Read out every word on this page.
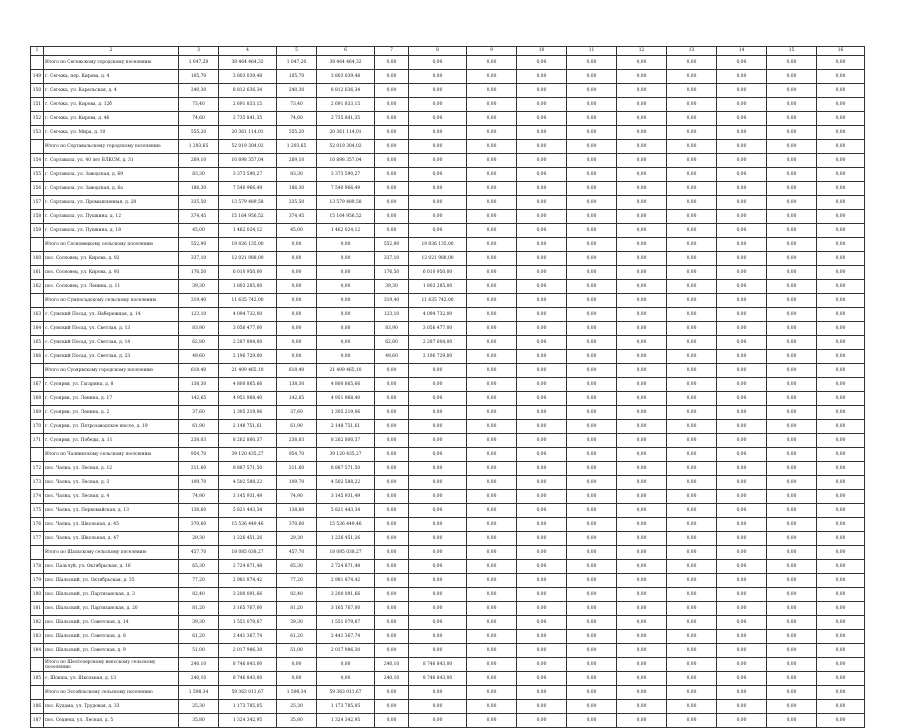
1	2	3	4	5	6	7	8	9	10	11	12	13	14	15	16
	Итого по Сегежскому городскому поселению	1 047,20	38 464 464,32	1 047,20	38 464 464,32	0,00	0,00	0,00	0,00	0,00	0,00	0,00	0,00	0,00	0,00
149	г. Сегежа, пер. Кирова, д. 4	105,70	3 803 039,48	105,70	3 803 039,48	0,00	0,00	0,00	0,00	0,00	0,00	0,00	0,00	0,00	0,00
150	г. Сегежа, ул. Карельская, д. 4	240,30	8 812 636,34	240,30	8 812 636,34	0,00	0,00	0,00	0,00	0,00	0,00	0,00	0,00	0,00	0,00
151	г. Сегежа, ул. Кирова, д. 12б	73,40	2 691 833,15	73,40	2 691 833,15	0,00	0,00	0,00	0,00	0,00	0,00	0,00	0,00	0,00	0,00
152	г. Сегежа, ул. Кирова, д. 46	74,60	2 735 841,35	74,60	2 735 841,35	0,00	0,00	0,00	0,00	0,00	0,00	0,00	0,00	0,00	0,00
153	г. Сегежа, ул. Мира, д. 10	555,20	20 361 114,01	555,20	20 361 114,01	0,00	0,00	0,00	0,00	0,00	0,00	0,00	0,00	0,00	0,00
	Итого по Сортавальскому городскому поселению	1 293,65	52 019 304,02	1 293,65	52 019 304,02	0,00	0,00	0,00	0,00	0,00	0,00	0,00	0,00	0,00	0,00
154	г. Сортавала, ул. 40 лет ВЛКСМ, д. 31	269,10	10 898 357,04	269,10	10 898 357,04	0,00	0,00	0,00	0,00	0,00	0,00	0,00	0,00	0,00	0,00
155	г. Сортавала, ул. Заводская, д. 69	83,30	3 373 590,27	83,30	3 373 590,27	0,00	0,00	0,00	0,00	0,00	0,00	0,00	0,00	0,00	0,00
156	г. Сортавала, ул. Заводская, д. 6а	186,30	7 540 966,49	186,30	7 540 966,49	0,00	0,00	0,00	0,00	0,00	0,00	0,00	0,00	0,00	0,00
157	г. Сортавала, ул. Промышленная, д. 28	335,50	13 579 489,58	335,50	13 579 489,58	0,00	0,00	0,00	0,00	0,00	0,00	0,00	0,00	0,00	0,00
158	г. Сортавала, ул. Пушкина, д. 12	374,45	15 164 956,52	374,45	15 164 956,52	0,00	0,00	0,00	0,00	0,00	0,00	0,00	0,00	0,00	0,00
159	г. Сортавала, ул. Пушкина, д. 18	45,00	1 462 024,12	45,00	1 462 024,12	0,00	0,00	0,00	0,00	0,00	0,00	0,00	0,00	0,00	0,00
	Итого по Сосновецкому сельскому поселению	552,90	19 836 135,00	0,00	0,00	552,90	19 836 135,00	0,00	0,00	0,00	0,00	0,00	0,00	0,00	0,00
160	пос. Сосновец, ул. Кирова, д. 92	337,10	12 021 988,00	0,00	0,00	337,10	12 021 988,00	0,00	0,00	0,00	0,00	0,00	0,00	0,00	0,00
161	пос. Сосновец, ул. Кирова, д. 93	176,50	6 010 950,00	0,00	0,00	176,50	6 010 950,00	0,00	0,00	0,00	0,00	0,00	0,00	0,00	0,00
162	пос. Сосновец, ул. Ленина, д. 11	39,30	1 803 285,00	0,00	0,00	39,30	1 803 285,00	0,00	0,00	0,00	0,00	0,00	0,00	0,00	0,00
	Итого по Сумпосадскому сельскому поселению	319,40	11 635 742,00	0,00	0,00	319,40	11 635 742,00	0,00	0,00	0,00	0,00	0,00	0,00	0,00	0,00
163	с. Сумский Посад, ул. Набережная, д. 14	123,10	4 094 732,00	0,00	0,00	123,10	4 094 732,00	0,00	0,00	0,00	0,00	0,00	0,00	0,00	0,00
164	с. Сумский Посад, ул. Светлая, д. 13	83,90	3 056 477,00	0,00	0,00	83,90	3 056 477,00	0,00	0,00	0,00	0,00	0,00	0,00	0,00	0,00
165	с. Сумский Посад, ул. Светлая, д. 14	62,80	2 287 804,00	0,00	0,00	62,80	2 287 804,00	0,00	0,00	0,00	0,00	0,00	0,00	0,00	0,00
166	с. Сумский Посад, ул. Светлая, д. 23	49,60	2 196 729,00	0,00	0,00	49,60	2 196 729,00	0,00	0,00	0,00	0,00	0,00	0,00	0,00	0,00
	Итого по Суоярвскому городскому поселению	618,40	21 409 465,10	618,40	21 409 465,10	0,00	0,00	0,00	0,00	0,00	0,00	0,00	0,00	0,00	0,00
167	г. Суоярви, ул. Гагарина, д. 8	138,30	4 800 865,66	138,30	4 800 865,66	0,00	0,00	0,00	0,00	0,00	0,00	0,00	0,00	0,00	0,00
168	г. Суоярви, ул. Ленина, д. 17	142,65	4 951 968,40	142,65	4 951 968,40	0,00	0,00	0,00	0,00	0,00	0,00	0,00	0,00	0,00	0,00
169	г. Суоярви, ул. Ленина, д. 2	37,60	1 305 219,06	37,60	1 305 219,06	0,00	0,00	0,00	0,00	0,00	0,00	0,00	0,00	0,00	0,00
170	г. Суоярви, ул. Петрозаводское шоссе, д. 19	61,90	2 148 751,61	61,90	2 148 751,61	0,00	0,00	0,00	0,00	0,00	0,00	0,00	0,00	0,00	0,00
171	г. Суоярви, ул. Победы, д. 11	238,03	8 262 800,37	238,03	8 262 800,37	0,00	0,00	0,00	0,00	0,00	0,00	0,00	0,00	0,00	0,00
	Итого по Чалнинскому сельскому поселению	954,70	39 120 435,27	954,70	39 120 435,27	0,00	0,00	0,00	0,00	0,00	0,00	0,00	0,00	0,00	0,00
172	пос. Чална, ул. Лесная, д. 12	211,60	8 887 571,50	211,60	8 887 571,50	0,00	0,00	0,00	0,00	0,00	0,00	0,00	0,00	0,00	0,00
173	пос. Чална, ул. Лесная, д. 3	109,70	4 502 588,22	109,70	4 502 588,22	0,00	0,00	0,00	0,00	0,00	0,00	0,00	0,00	0,00	0,00
174	пос. Чална, ул. Лесная, д. 4	74,90	3 145 931,49	74,90	3 145 931,49	0,00	0,00	0,00	0,00	0,00	0,00	0,00	0,00	0,00	0,00
175	пос. Чална, ул. Первомайская, д. 13	138,60	5 821 443,34	138,60	5 821 443,34	0,00	0,00	0,00	0,00	0,00	0,00	0,00	0,00	0,00	0,00
176	пос. Чална, ул. Школьная, д. 45	370,60	15 536 449,46	370,60	15 536 449,46	0,00	0,00	0,00	0,00	0,00	0,00	0,00	0,00	0,00	0,00
177	пос. Чална, ул. Школьная, д. 47	29,30	1 226 451,26	29,30	1 226 451,26	0,00	0,00	0,00	0,00	0,00	0,00	0,00	0,00	0,00	0,00
	Итого по Шальскому сельскому поселению	457,70	18 085 038,27	457,70	18 085 038,27	0,00	0,00	0,00	0,00	0,00	0,00	0,00	0,00	0,00	0,00
178	пос. Пальчуй, ул. Октябрьская, д. 16	65,30	2 724 871,48	65,30	2 724 871,48	0,00	0,00	0,00	0,00	0,00	0,00	0,00	0,00	0,00	0,00
179	пос. Шальский, ул. Октябрьская, д. 35	77,20	2 981 874,42	77,20	2 981 874,42	0,00	0,00	0,00	0,00	0,00	0,00	0,00	0,00	0,00	0,00
180	пос. Шальский, ул. Партизанская, д. 3	82,40	3 200 091,66	82,40	3 200 091,66	0,00	0,00	0,00	0,00	0,00	0,00	0,00	0,00	0,00	0,00
181	пос. Шальский, ул. Партизанская, д. 20	81,20	3 165 767,00	81,20	3 165 767,00	0,00	0,00	0,00	0,00	0,00	0,00	0,00	0,00	0,00	0,00
182	пос. Шальский, ул. Советская, д. 14	39,30	1 551 079,67	39,30	1 551 079,67	0,00	0,00	0,00	0,00	0,00	0,00	0,00	0,00	0,00	0,00
183	пос. Шальский, ул. Советская, д. 8	61,20	2 441 367,74	61,20	2 441 367,74	0,00	0,00	0,00	0,00	0,00	0,00	0,00	0,00	0,00	0,00
184	пос. Шальский, ул. Советская, д. 9	51,00	2 017 986,30	51,00	2 017 986,30	0,00	0,00	0,00	0,00	0,00	0,00	0,00	0,00	0,00	0,00
	Итого по Шелтозерскому вепсскому сельскому поселению	240,10	8 746 843,00	0,00	0,00	240,10	8 746 843,00	0,00	0,00	0,00	0,00	0,00	0,00	0,00	0,00
185	с. Шокша, ул. Школьная, д. 13	240,10	8 746 843,00	0,00	0,00	240,10	8 746 843,00	0,00	0,00	0,00	0,00	0,00	0,00	0,00	0,00
	Итого по Эссойльскому сельскому поселению	1 598,34	59 363 011,67	1 598,34	59 363 011,67	0,00	0,00	0,00	0,00	0,00	0,00	0,00	0,00	0,00	0,00
186	пос. Кудама, ул. Трудовая, д. 33	25,30	1 173 785,05	25,30	1 173 785,05	0,00	0,00	0,00	0,00	0,00	0,00	0,00	0,00	0,00	0,00
187	пос. Седнеш, ул. Лесная, д. 5	35,80	1 324 342,95	35,80	1 324 342,95	0,00	0,00	0,00	0,00	0,00	0,00	0,00	0,00	0,00	0,00
